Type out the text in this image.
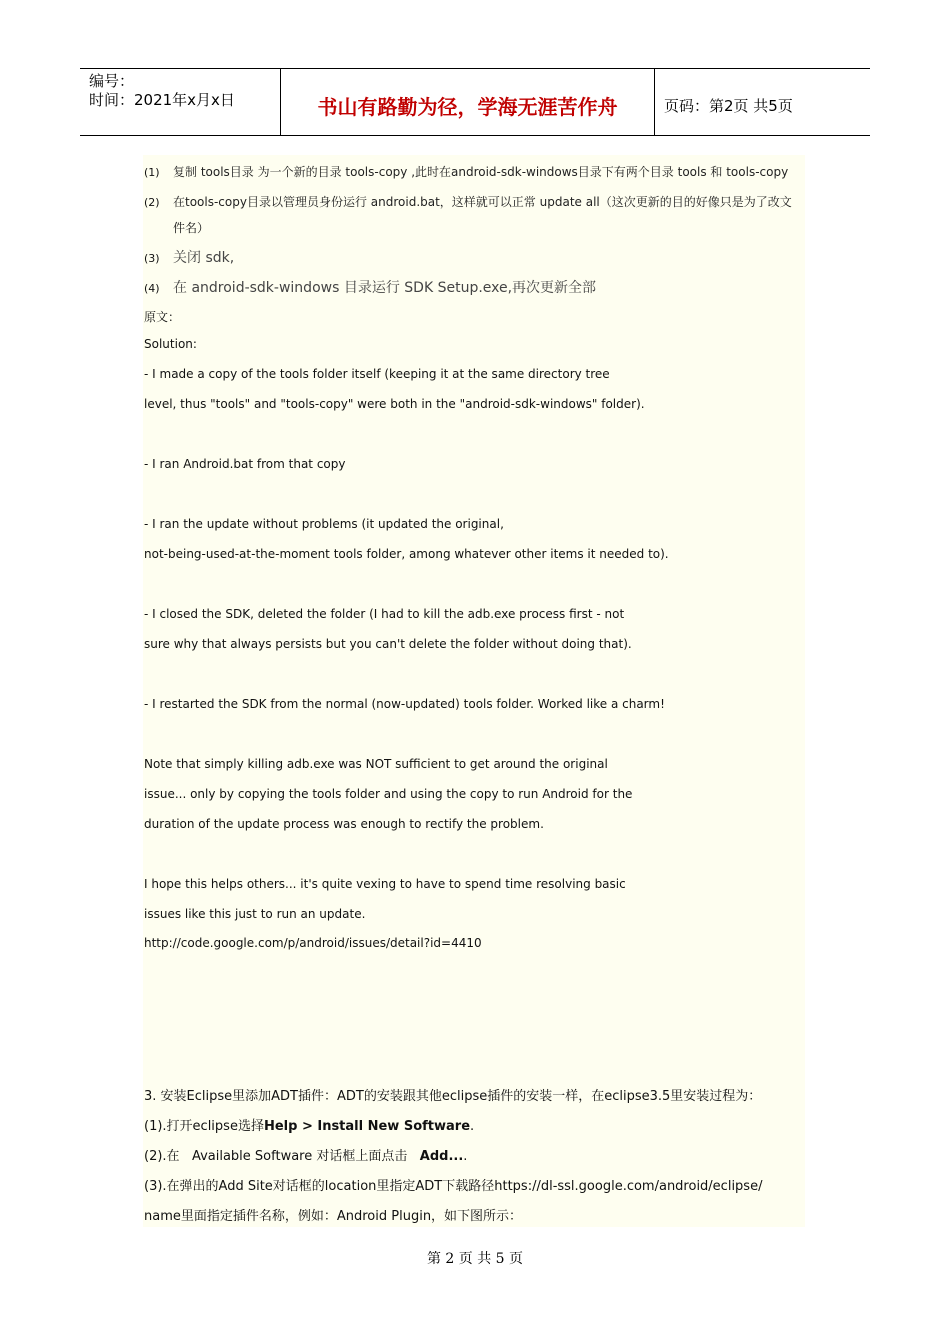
编号：
时间：2021年x月x日	书山有路勤为径，学海无涯苦作舟	页码：第2页 共5页
(1) 复制 tools目录 为一个新的目录 tools-copy ,此时在android-sdk-windows目录下有两个目录 tools 和 tools-copy
(2) 在tools-copy目录以管理员身份运行 android.bat，这样就可以正常 update all（这次更新的目的好像只是为了改文
件名）
(3) 关闭 sdk,
(4) 在 android-sdk-windows 目录运行 SDK Setup.exe,再次更新全部
原文：
Solution:
- I made a copy of the tools folder itself (keeping it at the same directory tree
level, thus "tools" and "tools-copy" were both in the "android-sdk-windows" folder).
- I ran Android.bat from that copy
- I ran the update without problems (it updated the original,
not-being-used-at-the-moment tools folder, among whatever other items it needed to).
- I closed the SDK, deleted the folder (I had to kill the adb.exe process first - not
sure why that always persists but you can't delete the folder without doing that).
- I restarted the SDK from the normal (now-updated) tools folder. Worked like a charm!
Note that simply killing adb.exe was NOT sufficient to get around the original
issue... only by copying the tools folder and using the copy to run Android for the
duration of the update process was enough to rectify the problem.
I hope this helps others... it's quite vexing to have to spend time resolving basic
issues like this just to run an update.
http://code.google.com/p/android/issues/detail?id=4410
3. 安装Eclipse里添加ADT插件：ADT的安装跟其他eclipse插件的安装一样，在eclipse3.5里安装过程为：
(1).打开eclipse选择Help > Install New Software.
(2).在   Available Software 对话框上面点击   Add....
(3).在弹出的Add Site对话框的location里指定ADT下载路径https://dl-ssl.google.com/android/eclipse/
name里面指定插件名称，例如：Android Plugin，如下图所示：
第 2 页 共 5 页
